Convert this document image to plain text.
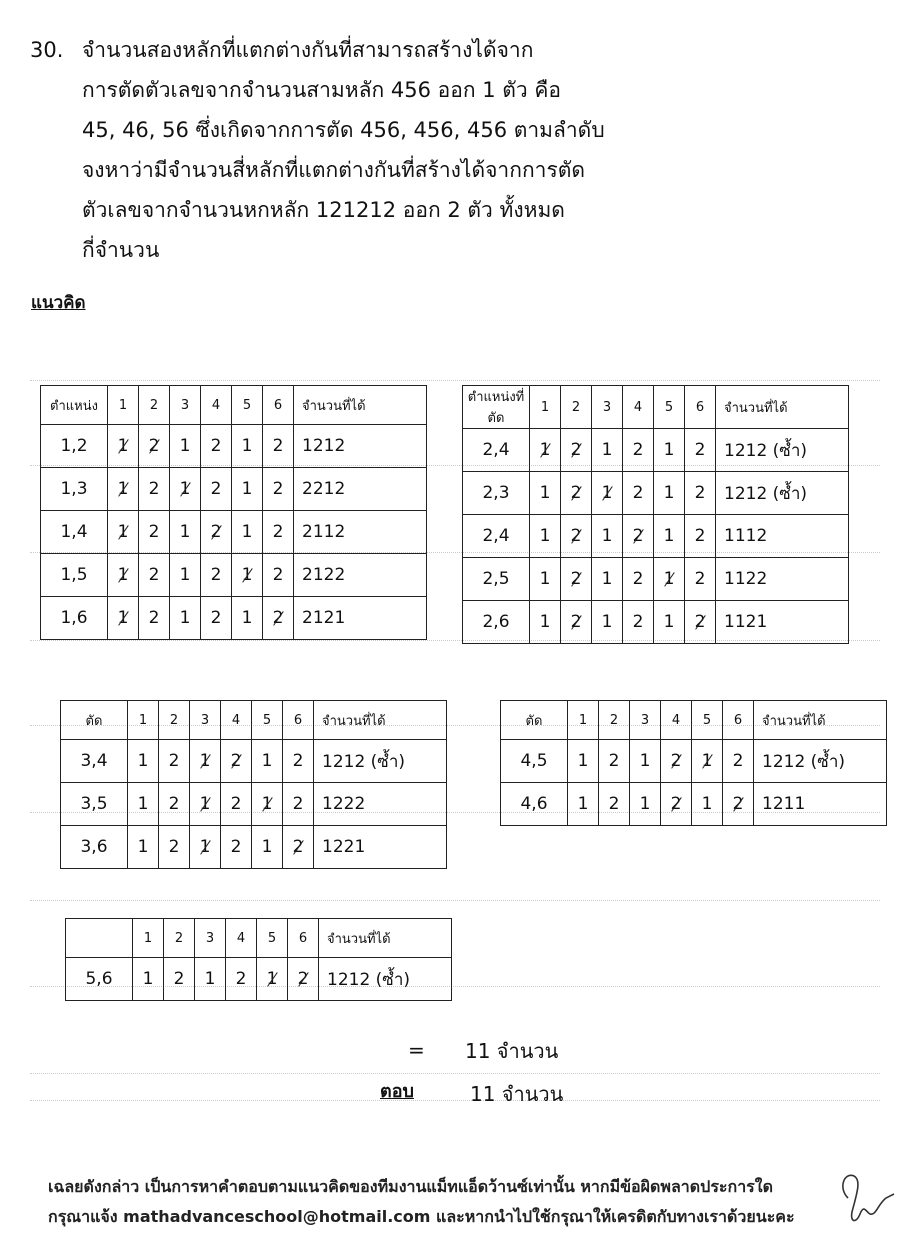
30. จำนวนสองหลักที่แตกต่างกันที่สามารถสร้างได้จาก
การตัดตัวเลขจากจำนวนสามหลัก 456 ออก 1 ตัว คือ
45, 46, 56 ซึ่งเกิดจากการตัด 456, 456, 456 ตามลำดับ
จงหาว่ามีจำนวนสี่หลักที่แตกต่างกันที่สร้างได้จากการตัด
ตัวเลขจากจำนวนหกหลัก 121212 ออก 2 ตัว ทั้งหมด
กี่จำนวน
แนวคิด
ตำแหน่ง	1	2	3	4	5	6	จำนวนที่ได้
1,2	1	2	1	2	1	2	1212
1,3	1	2	1	2	1	2	2212
1,4	1	2	1	2	1	2	2112
1,5	1	2	1	2	1	2	2122
1,6	1	2	1	2	1	2	2121
ตำแหน่งที่ตัด	1	2	3	4	5	6	จำนวนที่ได้
2,4	1	2	1	2	1	2	1212 (ซ้ำ)
2,3	1	2	1	2	1	2	1212 (ซ้ำ)
2,4	1	2	1	2	1	2	1112
2,5	1	2	1	2	1	2	1122
2,6	1	2	1	2	1	2	1121
ตัด	1	2	3	4	5	6	จำนวนที่ได้
3,4	1	2	1	2	1	2	1212 (ซ้ำ)
3,5	1	2	1	2	1	2	1222
3,6	1	2	1	2	1	2	1221
ตัด	1	2	3	4	5	6	จำนวนที่ได้
4,5	1	2	1	2	1	2	1212 (ซ้ำ)
4,6	1	2	1	2	1	2	1211
	1	2	3	4	5	6	จำนวนที่ได้
5,6	1	2	1	2	1	2	1212 (ซ้ำ)
= 11 จำนวน
ตอบ	11 จำนวน
เฉลยดังกล่าว เป็นการหาคำตอบตามแนวคิดของทีมงานแม็ทแอ็ดว้านซ์เท่านั้น หากมีข้อผิดพลาดประการใด
กรุณาแจ้ง mathadvanceschool@hotmail.com และหากนำไปใช้กรุณาให้เครดิตกับทางเราด้วยนะคะ
